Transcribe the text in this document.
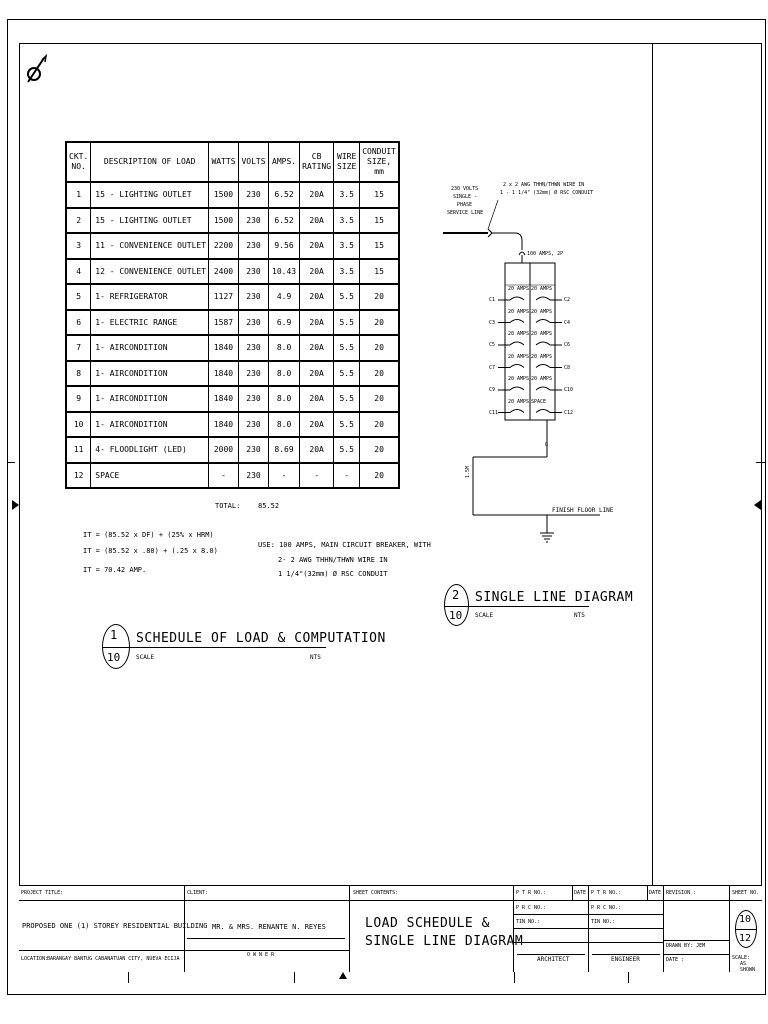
CKT. NO.	DESCRIPTION OF LOAD	WATTS	VOLTS	AMPS.	CB RATING	WIRE SIZE	CONDUIT SIZE, mm
1	15 - LIGHTING OUTLET	1500	230	6.52	20A	3.5	15
2	15 - LIGHTING OUTLET	1500	230	6.52	20A	3.5	15
3	11 - CONVENIENCE OUTLET	2200	230	9.56	20A	3.5	15
4	12 - CONVENIENCE OUTLET	2400	230	10.43	20A	3.5	15
5	1- REFRIGERATOR	1127	230	4.9	20A	5.5	20
6	1- ELECTRIC RANGE	1587	230	6.9	20A	5.5	20
7	1- AIRCONDITION	1840	230	8.0	20A	5.5	20
8	1- AIRCONDITION	1840	230	8.0	20A	5.5	20
9	1- AIRCONDITION	1840	230	8.0	20A	5.5	20
10	1- AIRCONDITION	1840	230	8.0	20A	5.5	20
11	4- FLOODLIGHT (LED)	2000	230	8.69	20A	5.5	20
12	SPACE	-	230	-	-	-	20
TOTAL:	85.52
IT = (85.52 x DF) + (25% x HRM)
IT = (85.52 x .80) + (.25 x 8.0)
IT = 70.42 AMP.
USE: 100 AMPS, MAIN CIRCUIT BREAKER, WITH
2- 2 AWG THHN/THWN WIRE IN
1 1/4"(32mm) Ø RSC CONDUIT
1
10
SCHEDULE OF LOAD & COMPUTATION
SCALE	NTS
2
10
SINGLE LINE DIAGRAM
SCALE	NTS
230 VOLTS
SINGLE -
PHASE
SERVICE LINE
2 x 2 AWG THHN/THWN WIRE IN
1 - 1 1/4" (32mm) Ø RSC CONDUIT
100 AMPS, 2P
G
1.5M
FINISH FLOOR LINE
20 AMPS 20 AMPS
C1	C2
20 AMPS 20 AMPS
C3	C4
20 AMPS 20 AMPS
C5	C6
20 AMPS 20 AMPS
C7	C8
20 AMPS 20 AMPS
C9	C10
20 AMPS SPACE
C11	C12
PROJECT TITLE:
PROPOSED ONE (1) STOREY RESIDENTIAL BUILDING
LOCATION:
BARANGAY BANTUG CABANATUAN CITY, NUEVA ECIJA
CLIENT:
MR. & MRS. RENANTE N. REYES
O W N E R
SHEET CONTENTS:
LOAD SCHEDULE &
SINGLE LINE DIAGRAM
P T R NO.:	DATE
P R C NO.:
TIN NO.:
ARCHITECT
P T R NO.:	DATE
P R C NO.:
TIN NO.:
ENGINEER
REVISION :
DRAWN BY: JEM
DATE :
SHEET NO.
10
12
SCALE:
AS SHOWN
